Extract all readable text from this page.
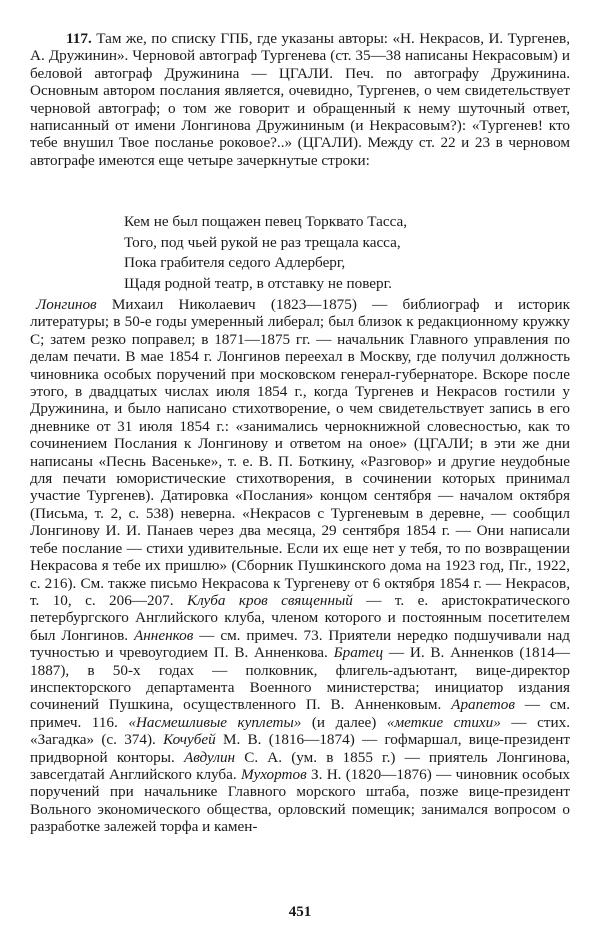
117. Там же, по списку ГПБ, где указаны авторы: «Н. Некрасов, И. Тургенев, А. Дружинин». Черновой автограф Тургенева (ст. 35—38 написаны Некрасовым) и беловой автограф Дружинина — ЦГАЛИ. Печ. по автографу Дружинина. Основным автором послания является, очевидно, Тургенев, о чем свидетельствует черновой автограф; о том же говорит и обращенный к нему шуточный ответ, написанный от имени Лонгинова Дружининым (и Некрасовым?): «Тургенев! кто тебе внушил Твое посланье роковое?..» (ЦГАЛИ). Между ст. 22 и 23 в черновом автографе имеются еще четыре зачеркнутые строки:

Кем не был пощажен певец Торквато Тасса,
Того, под чьей рукой не раз трещала касса,
Пока грабителя седого Адлерберг,
Щадя родной театр, в отставку не поверг.

Лонгинов Михаил Николаевич (1823—1875) — библиограф и историк литературы; в 50-е годы умеренный либерал; был близок к редакционному кружку С; затем резко поправел; в 1871—1875 гг. — начальник Главного управления по делам печати. В мае 1854 г. Лонгинов переехал в Москву, где получил должность чиновника особых поручений при московском генерал-губернаторе. Вскоре после этого, в двадцатых числах июля 1854 г., когда Тургенев и Некрасов гостили у Дружинина, и было написано стихотворение, о чем свидетельствует запись в его дневнике от 31 июля 1854 г.: «занимались чернокнижной словесностью, как то сочинением Послания к Лонгинову и ответом на оное» (ЦГАЛИ; в эти же дни написаны «Песнь Васеньке», т. е. В. П. Боткину, «Разговор» и другие неудобные для печати юмористические стихотворения, в сочинении которых принимал участие Тургенев). Датировка «Послания» концом сентября — началом октября (Письма, т. 2, с. 538) неверна. «Некрасов с Тургеневым в деревне, — сообщил Лонгинову И. И. Панаев через два месяца, 29 сентября 1854 г. — Они написали тебе послание — стихи удивительные. Если их еще нет у тебя, то по возвращении Некрасова я тебе их пришлю» (Сборник Пушкинского дома на 1923 год, Пг., 1922, с. 216). См. также письмо Некрасова к Тургеневу от 6 октября 1854 г. — Некрасов, т. 10, с. 206—207. Клуба кров священный — т. е. аристократического петербургского Английского клуба, членом которого и постоянным посетителем был Лонгинов. Анненков — см. примеч. 73. Приятели нередко подшучивали над тучностью и чревоугодием П. В. Анненкова. Братец — И. В. Анненков (1814—1887), в 50-х годах — полковник, флигель-адъютант, вице-директор инспекторского департамента Военного министерства; инициатор издания сочинений Пушкина, осуществленного П. В. Анненковым. Арапетов — см. примеч. 116. «Насмешливые куплеты» (и далее) «меткие стихи» — стих. «Загадка» (с. 374). Кочубей М. В. (1816—1874) — гофмаршал, вице-президент придворной конторы. Авдулин С. А. (ум. в 1855 г.) — приятель Лонгинова, завсегдатай Английского клуба. Мухортов З. Н. (1820—1876) — чиновник особых поручений при начальнике Главного морского штаба, позже вице-президент Вольного экономического общества, орловский помещик; занимался вопросом о разработке залежей торфа и камен-

451
